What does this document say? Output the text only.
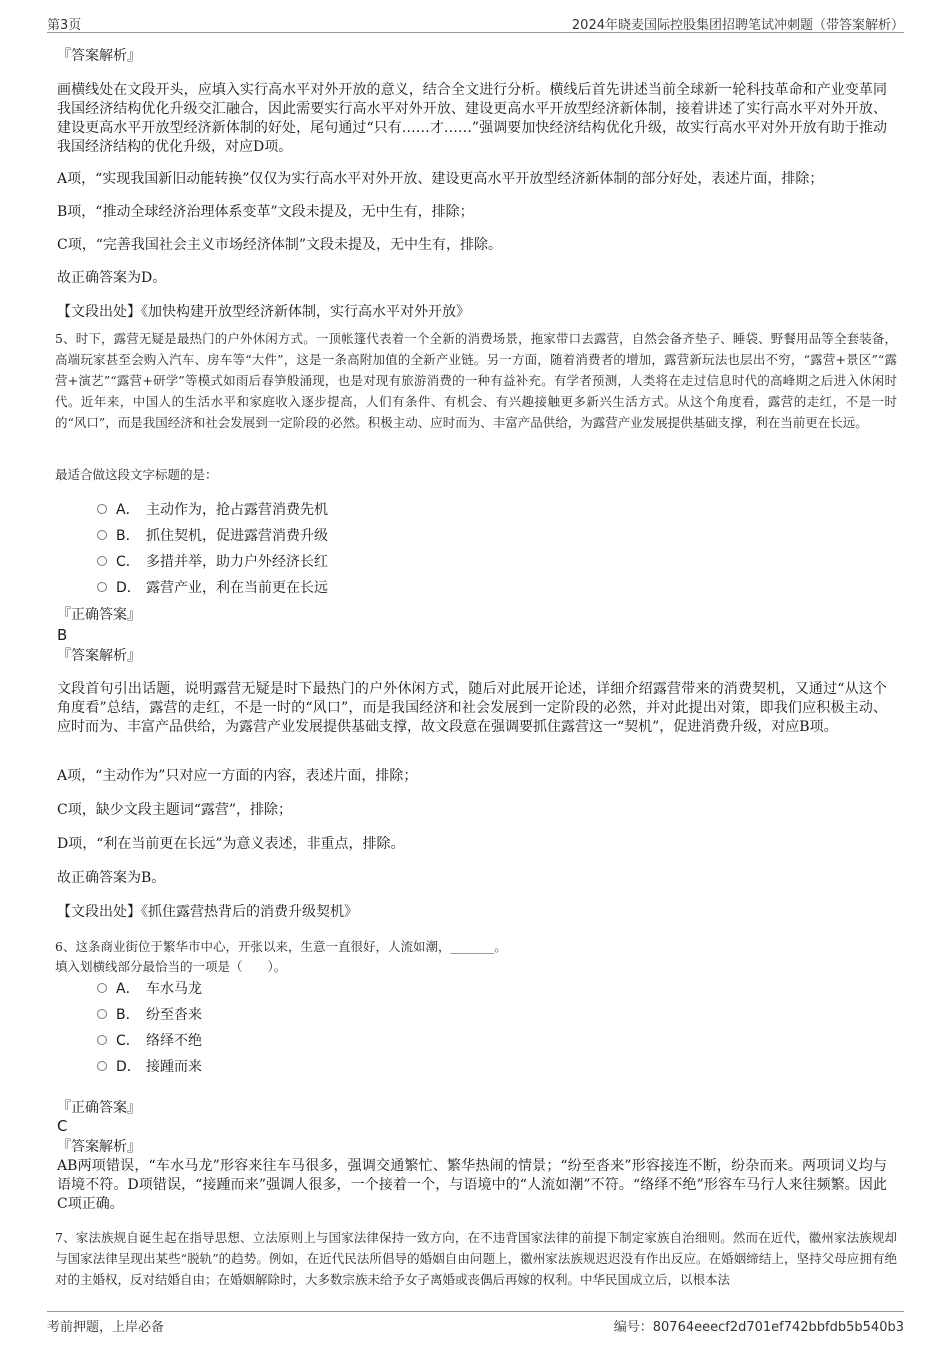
第3页	2024年晓麦国际控股集团招聘笔试冲刺题（带答案解析）

『答案解析』

画横线处在文段开头，应填入实行高水平对外开放的意义，结合全文进行分析。横线后首先讲述当前全球新一轮科技革命和产业变革同我国经济结构优化升级交汇融合，因此需要实行高水平对外开放、建设更高水平开放型经济新体制，接着讲述了实行高水平对外开放、建设更高水平开放型经济新体制的好处，尾句通过“只有……才……”强调要加快经济结构优化升级，故实行高水平对外开放有助于推动我国经济结构的优化升级，对应D项。

A项，“实现我国新旧动能转换”仅仅为实行高水平对外开放、建设更高水平开放型经济新体制的部分好处，表述片面，排除；

B项，“推动全球经济治理体系变革”文段未提及，无中生有，排除；

C项，“完善我国社会主义市场经济体制”文段未提及，无中生有，排除。

故正确答案为D。

【文段出处】《加快构建开放型经济新体制，实行高水平对外开放》

5、时下，露营无疑是最热门的户外休闲方式。一顶帐篷代表着一个全新的消费场景，拖家带口去露营，自然会备齐垫子、睡袋、野餐用品等全套装备，高端玩家甚至会购入汽车、房车等“大件”，这是一条高附加值的全新产业链。另一方面，随着消费者的增加，露营新玩法也层出不穷，“露营+景区”“露营+演艺”“露营+研学”等模式如雨后春笋般涌现，也是对现有旅游消费的一种有益补充。有学者预测，人类将在走过信息时代的高峰期之后进入休闲时代。近年来，中国人的生活水平和家庭收入逐步提高，人们有条件、有机会、有兴趣接触更多新兴生活方式。从这个角度看，露营的走红，不是一时的“风口”，而是我国经济和社会发展到一定阶段的必然。积极主动、应时而为、丰富产品供给，为露营产业发展提供基础支撑，利在当前更在长远。

最适合做这段文字标题的是：

A． 主动作为，抢占露营消费先机
B． 抓住契机，促进露营消费升级
C． 多措并举，助力户外经济长红
D． 露营产业，利在当前更在长远

『正确答案』

B

『答案解析』

文段首句引出话题，说明露营无疑是时下最热门的户外休闲方式，随后对此展开论述，详细介绍露营带来的消费契机，又通过“从这个角度看”总结，露营的走红，不是一时的“风口”，而是我国经济和社会发展到一定阶段的必然，并对此提出对策，即我们应积极主动、应时而为、丰富产品供给，为露营产业发展提供基础支撑，故文段意在强调要抓住露营这一“契机”，促进消费升级，对应B项。

A项，“主动作为”只对应一方面的内容，表述片面，排除；

C项，缺少文段主题词“露营”，排除；

D项，“利在当前更在长远”为意义表述，非重点，排除。

故正确答案为B。

【文段出处】《抓住露营热背后的消费升级契机》

6、这条商业街位于繁华市中心，开张以来，生意一直很好，人流如潮，_______。

填入划横线部分最恰当的一项是（　　）。

A． 车水马龙
B． 纷至沓来
C． 络绎不绝
D． 接踵而来

『正确答案』

C

『答案解析』

AB两项错误，“车水马龙”形容来往车马很多，强调交通繁忙、繁华热闹的情景；“纷至沓来”形容接连不断，纷杂而来。两项词义均与语境不符。D项错误，“接踵而来”强调人很多，一个接着一个，与语境中的“人流如潮”不符。“络绎不绝”形容车马行人来往频繁。因此C项正确。

7、家法族规自诞生起在指导思想、立法原则上与国家法律保持一致方向，在不违背国家法律的前提下制定家族自治细则。然而在近代，徽州家法族规却与国家法律呈现出某些“脱轨”的趋势。例如，在近代民法所倡导的婚姻自由问题上，徽州家法族规迟迟没有作出反应。在婚姻缔结上，坚持父母应拥有绝对的主婚权，反对结婚自由；在婚姻解除时，大多数宗族未给予女子离婚或丧偶后再嫁的权利。中华民国成立后，以根本法

考前押题，上岸必备	编号：80764eeecf2d701ef742bbfdb5b540b3
